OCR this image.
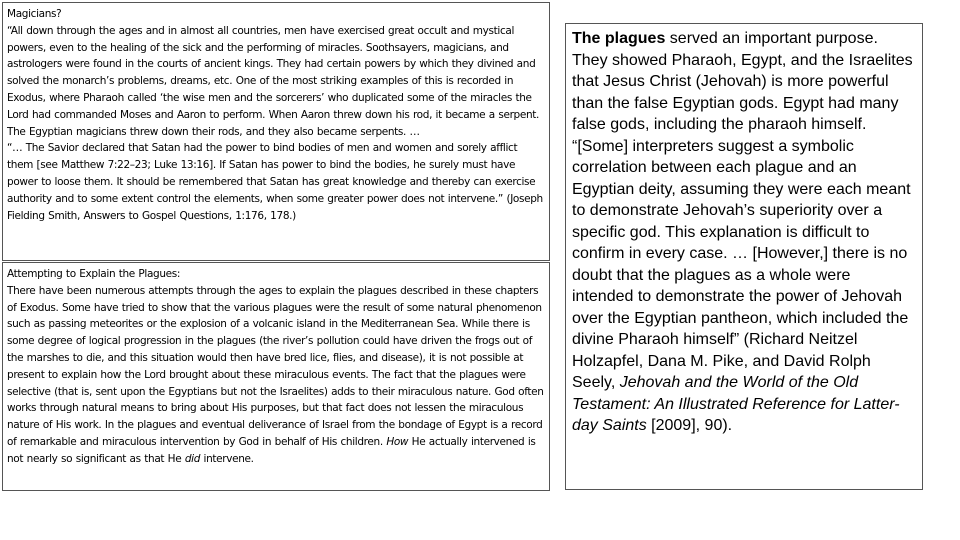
Magicians?

“All down through the ages and in almost all countries, men have exercised great occult and mystical powers, even to the healing of the sick and the performing of miracles. Soothsayers, magicians, and astrologers were found in the courts of ancient kings. They had certain powers by which they divined and solved the monarch’s problems, dreams, etc. One of the most striking examples of this is recorded in Exodus, where Pharaoh called ‘the wise men and the sorcerers’ who duplicated some of the miracles the Lord had commanded Moses and Aaron to perform. When Aaron threw down his rod, it became a serpent. The Egyptian magicians threw down their rods, and they also became serpents. …

“… The Savior declared that Satan had the power to bind bodies of men and women and sorely afflict them [see Matthew 7:22–23; Luke 13:16]. If Satan has power to bind the bodies, he surely must have power to loose them. It should be remembered that Satan has great knowledge and thereby can exercise authority and to some extent control the elements, when some greater power does not intervene.” (Joseph Fielding Smith, Answers to Gospel Questions, 1:176, 178.)

Attempting to Explain the Plagues:

There have been numerous attempts through the ages to explain the plagues described in these chapters of Exodus. Some have tried to show that the various plagues were the result of some natural phenomenon such as passing meteorites or the explosion of a volcanic island in the Mediterranean Sea. While there is some degree of logical progression in the plagues (the river’s pollution could have driven the frogs out of the marshes to die, and this situation would then have bred lice, flies, and disease), it is not possible at present to explain how the Lord brought about these miraculous events. The fact that the plagues were selective (that is, sent upon the Egyptians but not the Israelites) adds to their miraculous nature. God often works through natural means to bring about His purposes, but that fact does not lessen the miraculous nature of His work. In the plagues and eventual deliverance of Israel from the bondage of Egypt is a record of remarkable and miraculous intervention by God in behalf of His children. How He actually intervened is not nearly so significant as that He did intervene.

The plagues served an important purpose. They showed Pharaoh, Egypt, and the Israelites that Jesus Christ (Jehovah) is more powerful than the false Egyptian gods. Egypt had many false gods, including the pharaoh himself. “[Some] interpreters suggest a symbolic correlation between each plague and an Egyptian deity, assuming they were each meant to demonstrate Jehovah’s superiority over a specific god. This explanation is difficult to confirm in every case. … [However,] there is no doubt that the plagues as a whole were intended to demonstrate the power of Jehovah over the Egyptian pantheon, which included the divine Pharaoh himself” (Richard Neitzel Holzapfel, Dana M. Pike, and David Rolph Seely, Jehovah and the World of the Old Testament: An Illustrated Reference for Latter-day Saints [2009], 90).
